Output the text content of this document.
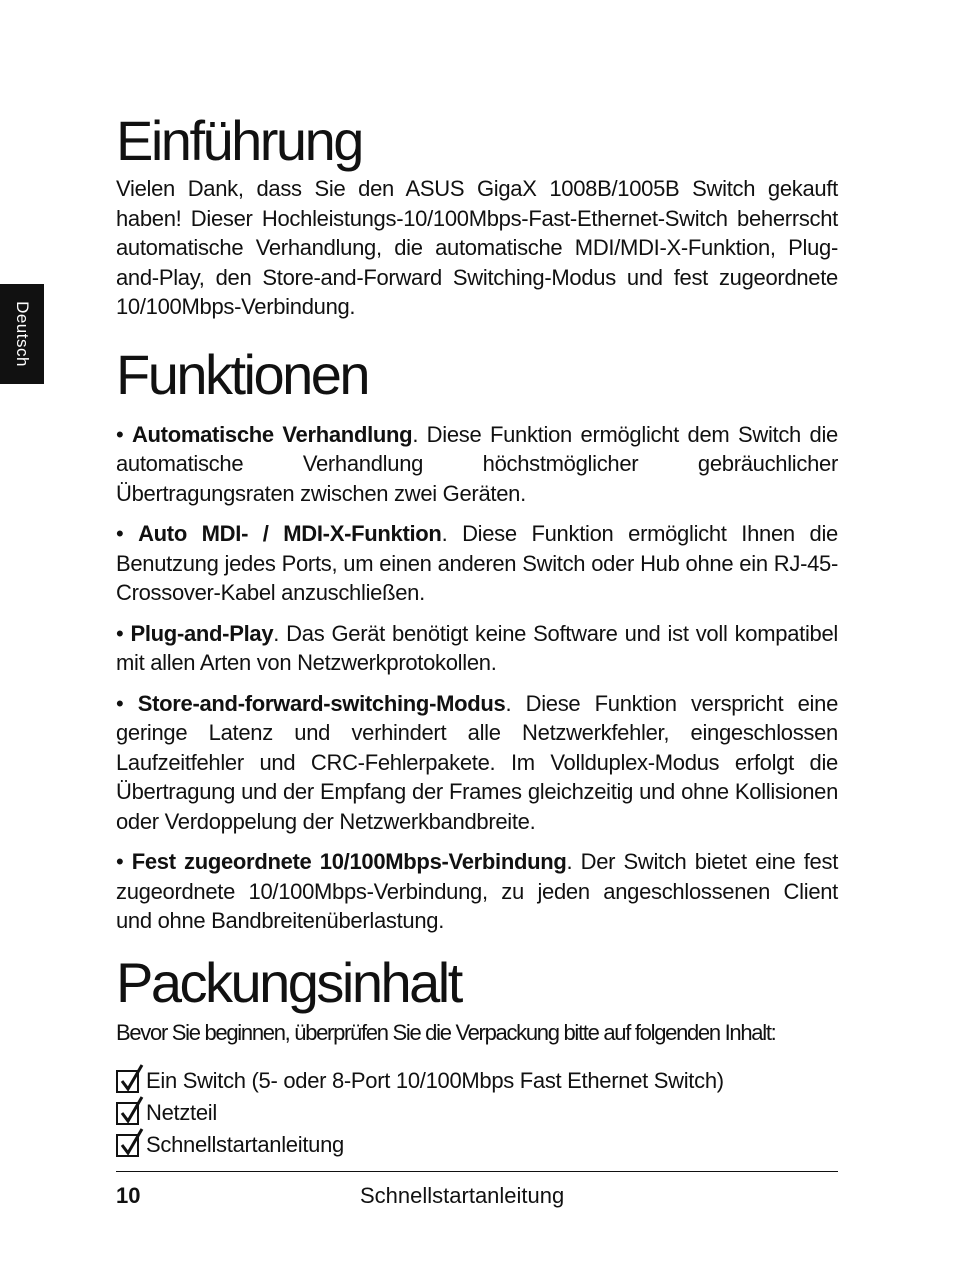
Deutsch
Einführung

Vielen Dank, dass Sie den ASUS GigaX 1008B/1005B Switch gekauft haben! Dieser Hochleistungs-10/100Mbps-Fast-Ethernet-Switch beherrscht automatische Verhandlung, die automatische MDI/MDI-X-Funktion, Plug-and-Play, den Store-and-Forward Switching-Modus und fest zugeordnete 10/100Mbps-Verbindung.

Funktionen

• Automatische Verhandlung. Diese Funktion ermöglicht dem Switch die automatische Verhandlung höchstmöglicher gebräuchlicher Übertragungsraten zwischen zwei Geräten.

• Auto MDI- / MDI-X-Funktion. Diese Funktion ermöglicht Ihnen die Benutzung jedes Ports, um einen anderen Switch oder Hub ohne ein RJ-45-Crossover-Kabel anzuschließen.

• Plug-and-Play. Das Gerät benötigt keine Software und ist voll kompatibel mit allen Arten von Netzwerkprotokollen.

• Store-and-forward-switching-Modus. Diese Funktion verspricht eine geringe Latenz und verhindert alle Netzwerkfehler, eingeschlossen Laufzeitfehler und CRC-Fehlerpakete. Im Vollduplex-Modus erfolgt die Übertragung und der Empfang der Frames gleichzeitig und ohne Kollisionen oder Verdoppelung der Netzwerkbandbreite.

• Fest zugeordnete 10/100Mbps-Verbindung. Der Switch bietet eine fest zugeordnete 10/100Mbps-Verbindung, zu jeden angeschlossenen Client und ohne Bandbreitenüberlastung.

Packungsinhalt

Bevor Sie beginnen, überprüfen Sie die Verpackung bitte auf folgenden Inhalt:

Ein Switch (5- oder 8-Port 10/100Mbps Fast Ethernet Switch)
Netzteil
Schnellstartanleitung
10	Schnellstartanleitung
